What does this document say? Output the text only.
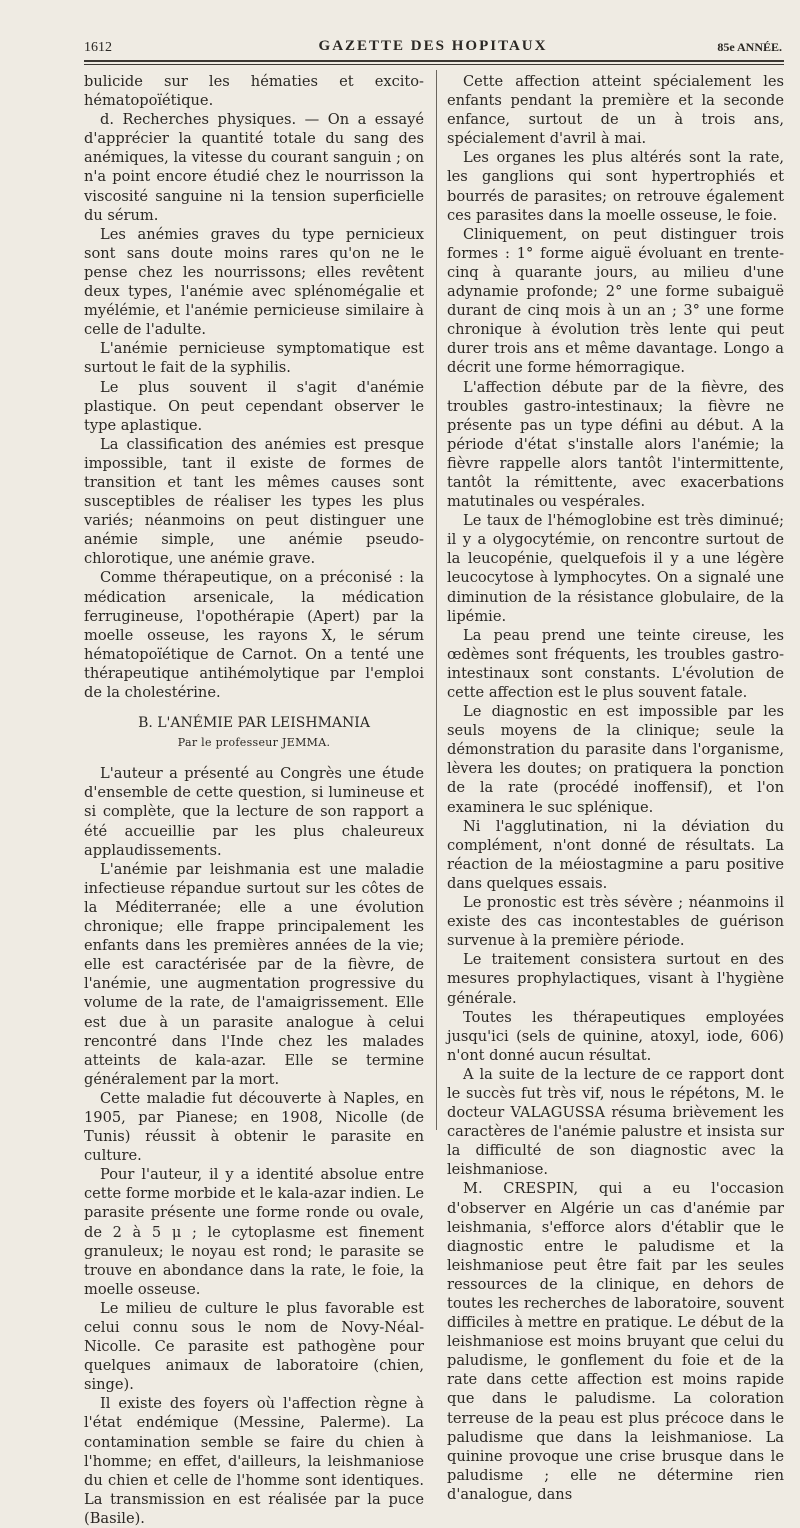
1612	GAZETTE DES HOPITAUX	85e ANNÉE.

bulicide sur les hématies et excito-hématopoïétique.

d. Recherches physiques. — On a essayé d'apprécier la quantité totale du sang des anémiques, la vitesse du courant sanguin ; on n'a point encore étudié chez le nourrisson la viscosité sanguine ni la tension superficielle du sérum.

Les anémies graves du type pernicieux sont sans doute moins rares qu'on ne le pense chez les nourrissons; elles revêtent deux types, l'anémie avec splénomégalie et myélémie, et l'anémie pernicieuse similaire à celle de l'adulte.

L'anémie pernicieuse symptomatique est surtout le fait de la syphilis.

Le plus souvent il s'agit d'anémie plastique. On peut cependant observer le type aplastique.

La classification des anémies est presque impossible, tant il existe de formes de transition et tant les mêmes causes sont susceptibles de réaliser les types les plus variés; néanmoins on peut distinguer une anémie simple, une anémie pseudo-chlorotique, une anémie grave.

Comme thérapeutique, on a préconisé : la médication arsenicale, la médication ferrugineuse, l'opothérapie (Apert) par la moelle osseuse, les rayons X, le sérum hématopoïétique de Carnot. On a tenté une thérapeutique antihémolytique par l'emploi de la cholestérine.

B. L'ANÉMIE PAR LEISHMANIA

Par le professeur JEMMA.

L'auteur a présenté au Congrès une étude d'ensemble de cette question, si lumineuse et si complète, que la lecture de son rapport a été accueillie par les plus chaleureux applaudissements.

L'anémie par leishmania est une maladie infectieuse répandue surtout sur les côtes de la Méditerranée; elle a une évolution chronique; elle frappe principalement les enfants dans les premières années de la vie; elle est caractérisée par de la fièvre, de l'anémie, une augmentation progressive du volume de la rate, de l'amaigrissement. Elle est due à un parasite analogue à celui rencontré dans l'Inde chez les malades atteints de kala-azar. Elle se termine généralement par la mort.

Cette maladie fut découverte à Naples, en 1905, par Pianese; en 1908, Nicolle (de Tunis) réussit à obtenir le parasite en culture.

Pour l'auteur, il y a identité absolue entre cette forme morbide et le kala-azar indien. Le parasite présente une forme ronde ou ovale, de 2 à 5 μ ; le cytoplasme est finement granuleux; le noyau est rond; le parasite se trouve en abondance dans la rate, le foie, la moelle osseuse.

Le milieu de culture le plus favorable est celui connu sous le nom de Novy-Néal-Nicolle. Ce parasite est pathogène pour quelques animaux de laboratoire (chien, singe).

Il existe des foyers où l'affection règne à l'état endémique (Messine, Palerme). La contamination semble se faire du chien à l'homme; en effet, d'ailleurs, la leishmaniose du chien et celle de l'homme sont identiques. La transmission en est réalisée par la puce (Basile).

Cette affection atteint spécialement les enfants pendant la première et la seconde enfance, surtout de un à trois ans, spécialement d'avril à mai.

Les organes les plus altérés sont la rate, les ganglions qui sont hypertrophiés et bourrés de parasites; on retrouve également ces parasites dans la moelle osseuse, le foie.

Cliniquement, on peut distinguer trois formes : 1° forme aiguë évoluant en trente-cinq à quarante jours, au milieu d'une adynamie profonde; 2° une forme subaiguë durant de cinq mois à un an ; 3° une forme chronique à évolution très lente qui peut durer trois ans et même davantage. Longo a décrit une forme hémorragique.

L'affection débute par de la fièvre, des troubles gastro-intestinaux; la fièvre ne présente pas un type défini au début. A la période d'état s'installe alors l'anémie; la fièvre rappelle alors tantôt l'intermittente, tantôt la rémittente, avec exacerbations matutinales ou vespérales.

Le taux de l'hémoglobine est très diminué; il y a olygocytémie, on rencontre surtout de la leucopénie, quelquefois il y a une légère leucocytose à lymphocytes. On a signalé une diminution de la résistance globulaire, de la lipémie.

La peau prend une teinte cireuse, les œdèmes sont fréquents, les troubles gastro-intestinaux sont constants. L'évolution de cette affection est le plus souvent fatale.

Le diagnostic en est impossible par les seuls moyens de la clinique; seule la démonstration du parasite dans l'organisme, lèvera les doutes; on pratiquera la ponction de la rate (procédé inoffensif), et l'on examinera le suc splénique.

Ni l'agglutination, ni la déviation du complément, n'ont donné de résultats. La réaction de la méiostagmine a paru positive dans quelques essais.

Le pronostic est très sévère ; néanmoins il existe des cas incontestables de guérison survenue à la première période.

Le traitement consistera surtout en des mesures prophylactiques, visant à l'hygiène générale.

Toutes les thérapeutiques employées jusqu'ici (sels de quinine, atoxyl, iode, 606) n'ont donné aucun résultat.

A la suite de la lecture de ce rapport dont le succès fut très vif, nous le répétons, M. le docteur VALAGUSSA résuma brièvement les caractères de l'anémie palustre et insista sur la difficulté de son diagnostic avec la leishmaniose.

M. CRESPIN, qui a eu l'occasion d'observer en Algérie un cas d'anémie par leishmania, s'efforce alors d'établir que le diagnostic entre le paludisme et la leishmaniose peut être fait par les seules ressources de la clinique, en dehors de toutes les recherches de laboratoire, souvent difficiles à mettre en pratique. Le début de la leishmaniose est moins bruyant que celui du paludisme, le gonflement du foie et de la rate dans cette affection est moins rapide que dans le paludisme. La coloration terreuse de la peau est plus précoce dans le paludisme que dans la leishmaniose. La quinine provoque une crise brusque dans le paludisme ; elle ne détermine rien d'analogue, dans
